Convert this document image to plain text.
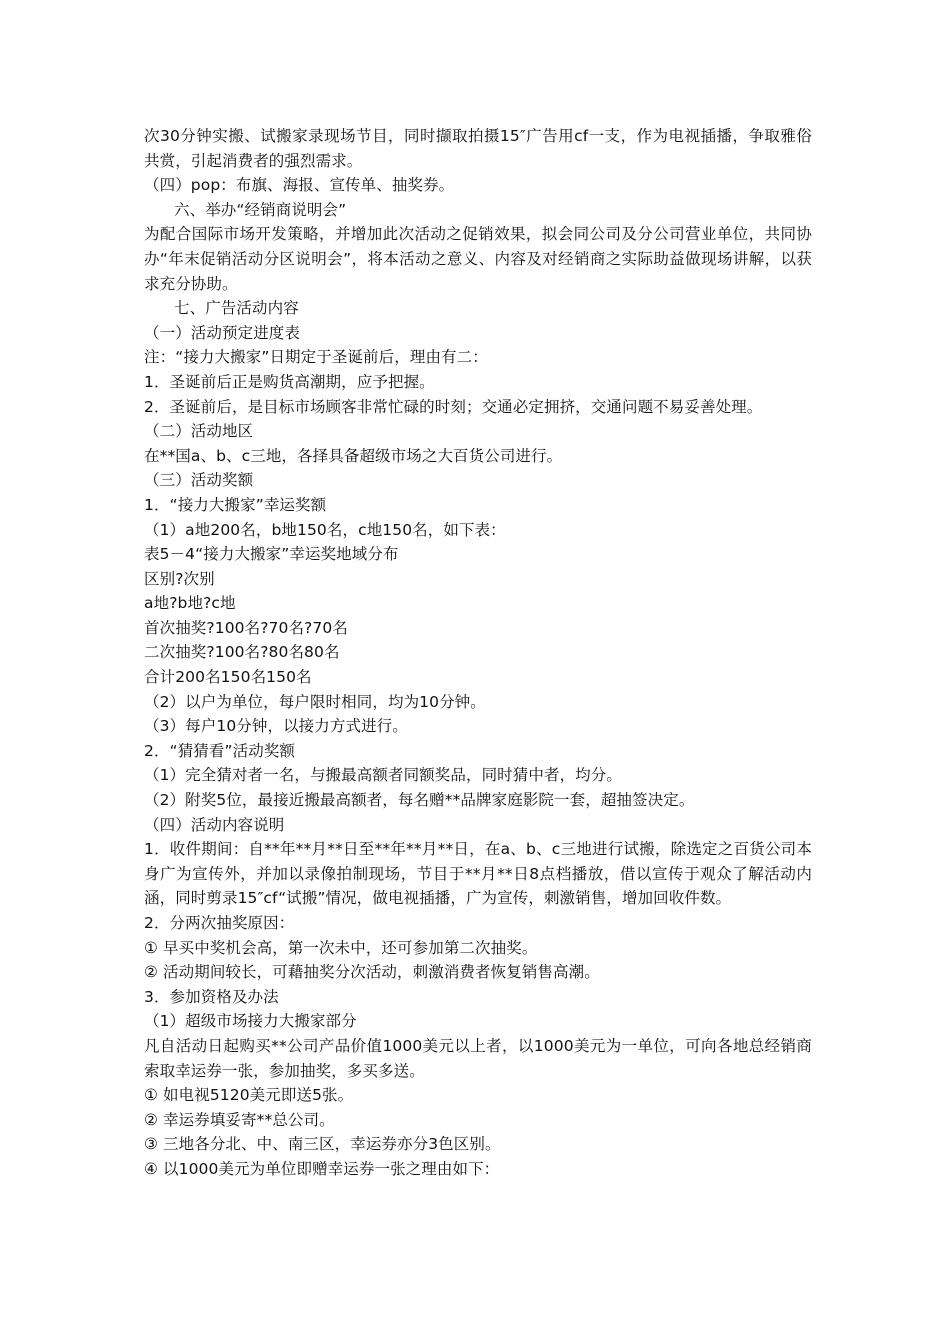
次30分钟实搬、试搬家录现场节目，同时撷取拍摄15″广告用cf一支，作为电视插播，争取雅俗共赏，引起消费者的强烈需求。

（四）pop：布旗、海报、宣传单、抽奖券。

六、举办“经销商说明会”

为配合国际市场开发策略，并增加此次活动之促销效果，拟会同公司及分公司营业单位，共同协办“年末促销活动分区说明会”，将本活动之意义、内容及对经销商之实际助益做现场讲解，以获求充分协助。

七、广告活动内容

（一）活动预定进度表

注：“接力大搬家”日期定于圣诞前后，理由有二：

1．圣诞前后正是购货高潮期，应予把握。

2．圣诞前后，是目标市场顾客非常忙碌的时刻；交通必定拥挤，交通问题不易妥善处理。

（二）活动地区

在**国a、b、c三地，各择具备超级市场之大百货公司进行。

（三）活动奖额

1．“接力大搬家”幸运奖额

（1）a地200名，b地150名，c地150名，如下表：

表5－4“接力大搬家”幸运奖地域分布

区别?次别

a地?b地?c地

首次抽奖?100名?70名?70名

二次抽奖?100名?80名80名

合计200名150名150名

（2）以户为单位，每户限时相同，均为10分钟。

（3）每户10分钟，以接力方式进行。

2．“猜猜看”活动奖额

（1）完全猜对者一名，与搬最高额者同额奖品，同时猜中者，均分。

（2）附奖5位，最接近搬最高额者，每名赠**品牌家庭影院一套，超抽签决定。

（四）活动内容说明

1．收件期间：自**年**月**日至**年**月**日，在a、b、c三地进行试搬，除选定之百货公司本身广为宣传外，并加以录像拍制现场，节目于**月**日8点档播放，借以宣传于观众了解活动内涵，同时剪录15″cf“试搬”情况，做电视插播，广为宣传，刺激销售，增加回收件数。

2．分两次抽奖原因：

① 早买中奖机会高，第一次未中，还可参加第二次抽奖。

② 活动期间较长，可藉抽奖分次活动，刺激消费者恢复销售高潮。

3．参加资格及办法

（1）超级市场接力大搬家部分

凡自活动日起购买**公司产品价值1000美元以上者，以1000美元为一单位，可向各地总经销商索取幸运券一张，参加抽奖，多买多送。

① 如电视5120美元即送5张。

② 幸运券填妥寄**总公司。

③ 三地各分北、中、南三区，幸运券亦分3色区别。

④ 以1000美元为单位即赠幸运券一张之理由如下：
